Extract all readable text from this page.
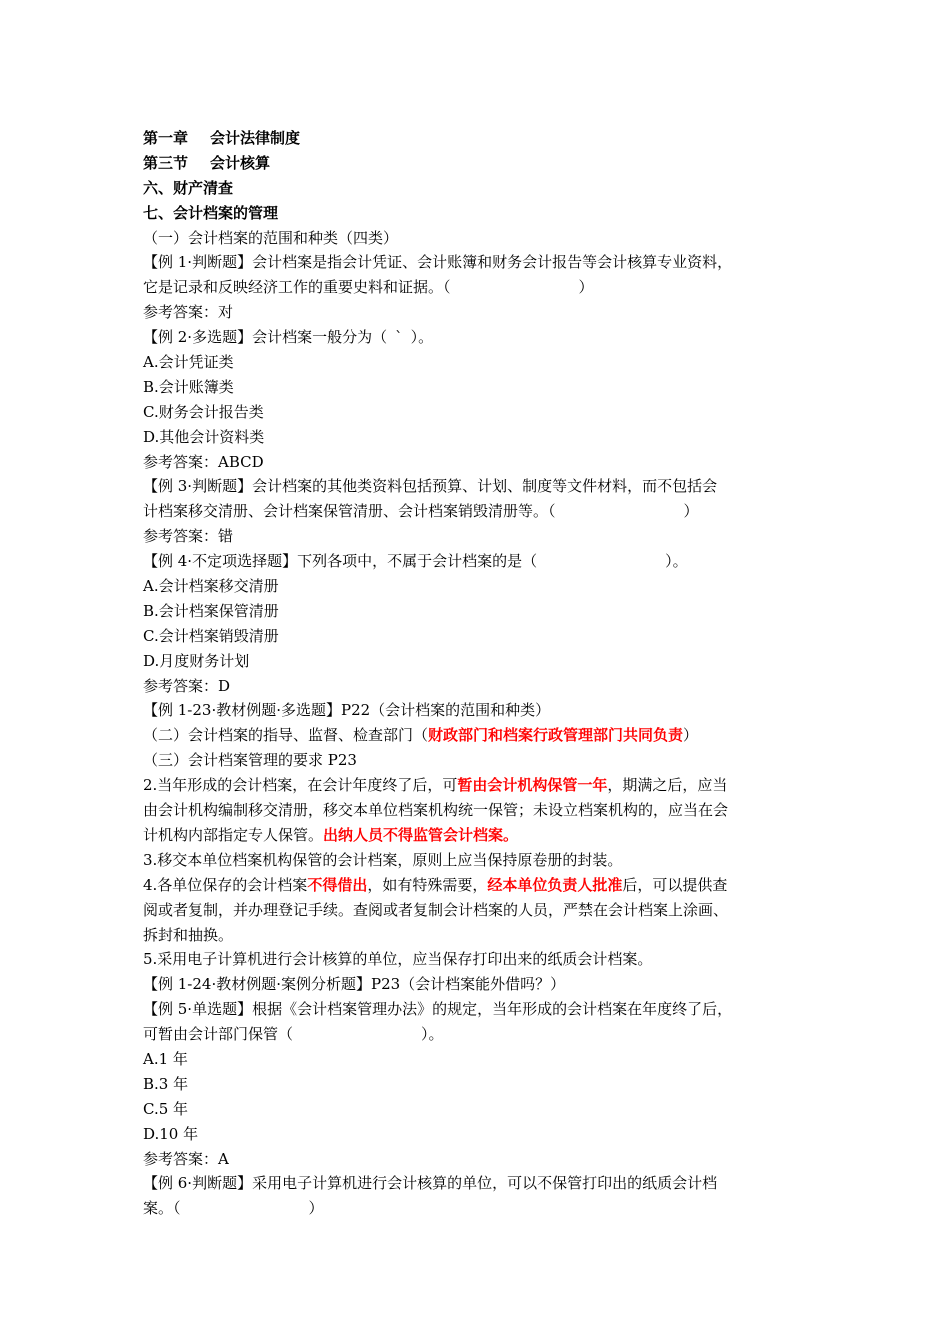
第一章 会计法律制度
第三节 会计核算
六、财产清查
七、会计档案的管理
（一）会计档案的范围和种类（四类）
【例 1·判断题】会计档案是指会计凭证、会计账簿和财务会计报告等会计核算专业资料，
它是记录和反映经济工作的重要史料和证据。（	）
参考答案：对
【例 2·多选题】会计档案一般分为（ ` ）。
A.会计凭证类
B.会计账簿类
C.财务会计报告类
D.其他会计资料类
参考答案：ABCD
【例 3·判断题】会计档案的其他类资料包括预算、计划、制度等文件材料，而不包括会
计档案移交清册、会计档案保管清册、会计档案销毁清册等。（	）
参考答案：错
【例 4·不定项选择题】下列各项中，不属于会计档案的是（	）。
A.会计档案移交清册
B.会计档案保管清册
C.会计档案销毁清册
D.月度财务计划
参考答案：D
【例 1-23·教材例题·多选题】P22（会计档案的范围和种类）
（二）会计档案的指导、监督、检查部门（财政部门和档案行政管理部门共同负责）
（三）会计档案管理的要求 P23
2.当年形成的会计档案，在会计年度终了后，可暂由会计机构保管一年，期满之后，应当
由会计机构编制移交清册，移交本单位档案机构统一保管；未设立档案机构的，应当在会
计机构内部指定专人保管。出纳人员不得监管会计档案。
3.移交本单位档案机构保管的会计档案，原则上应当保持原卷册的封装。
4.各单位保存的会计档案不得借出，如有特殊需要，经本单位负责人批准后，可以提供查
阅或者复制，并办理登记手续。查阅或者复制会计档案的人员，严禁在会计档案上涂画、
拆封和抽换。
5.采用电子计算机进行会计核算的单位，应当保存打印出来的纸质会计档案。
【例 1-24·教材例题·案例分析题】P23（会计档案能外借吗？）
【例 5·单选题】根据《会计档案管理办法》的规定，当年形成的会计档案在年度终了后，
可暂由会计部门保管（	）。
A.1 年
B.3 年
C.5 年
D.10 年
参考答案：A
【例 6·判断题】采用电子计算机进行会计核算的单位，可以不保管打印出的纸质会计档
案。（	）
